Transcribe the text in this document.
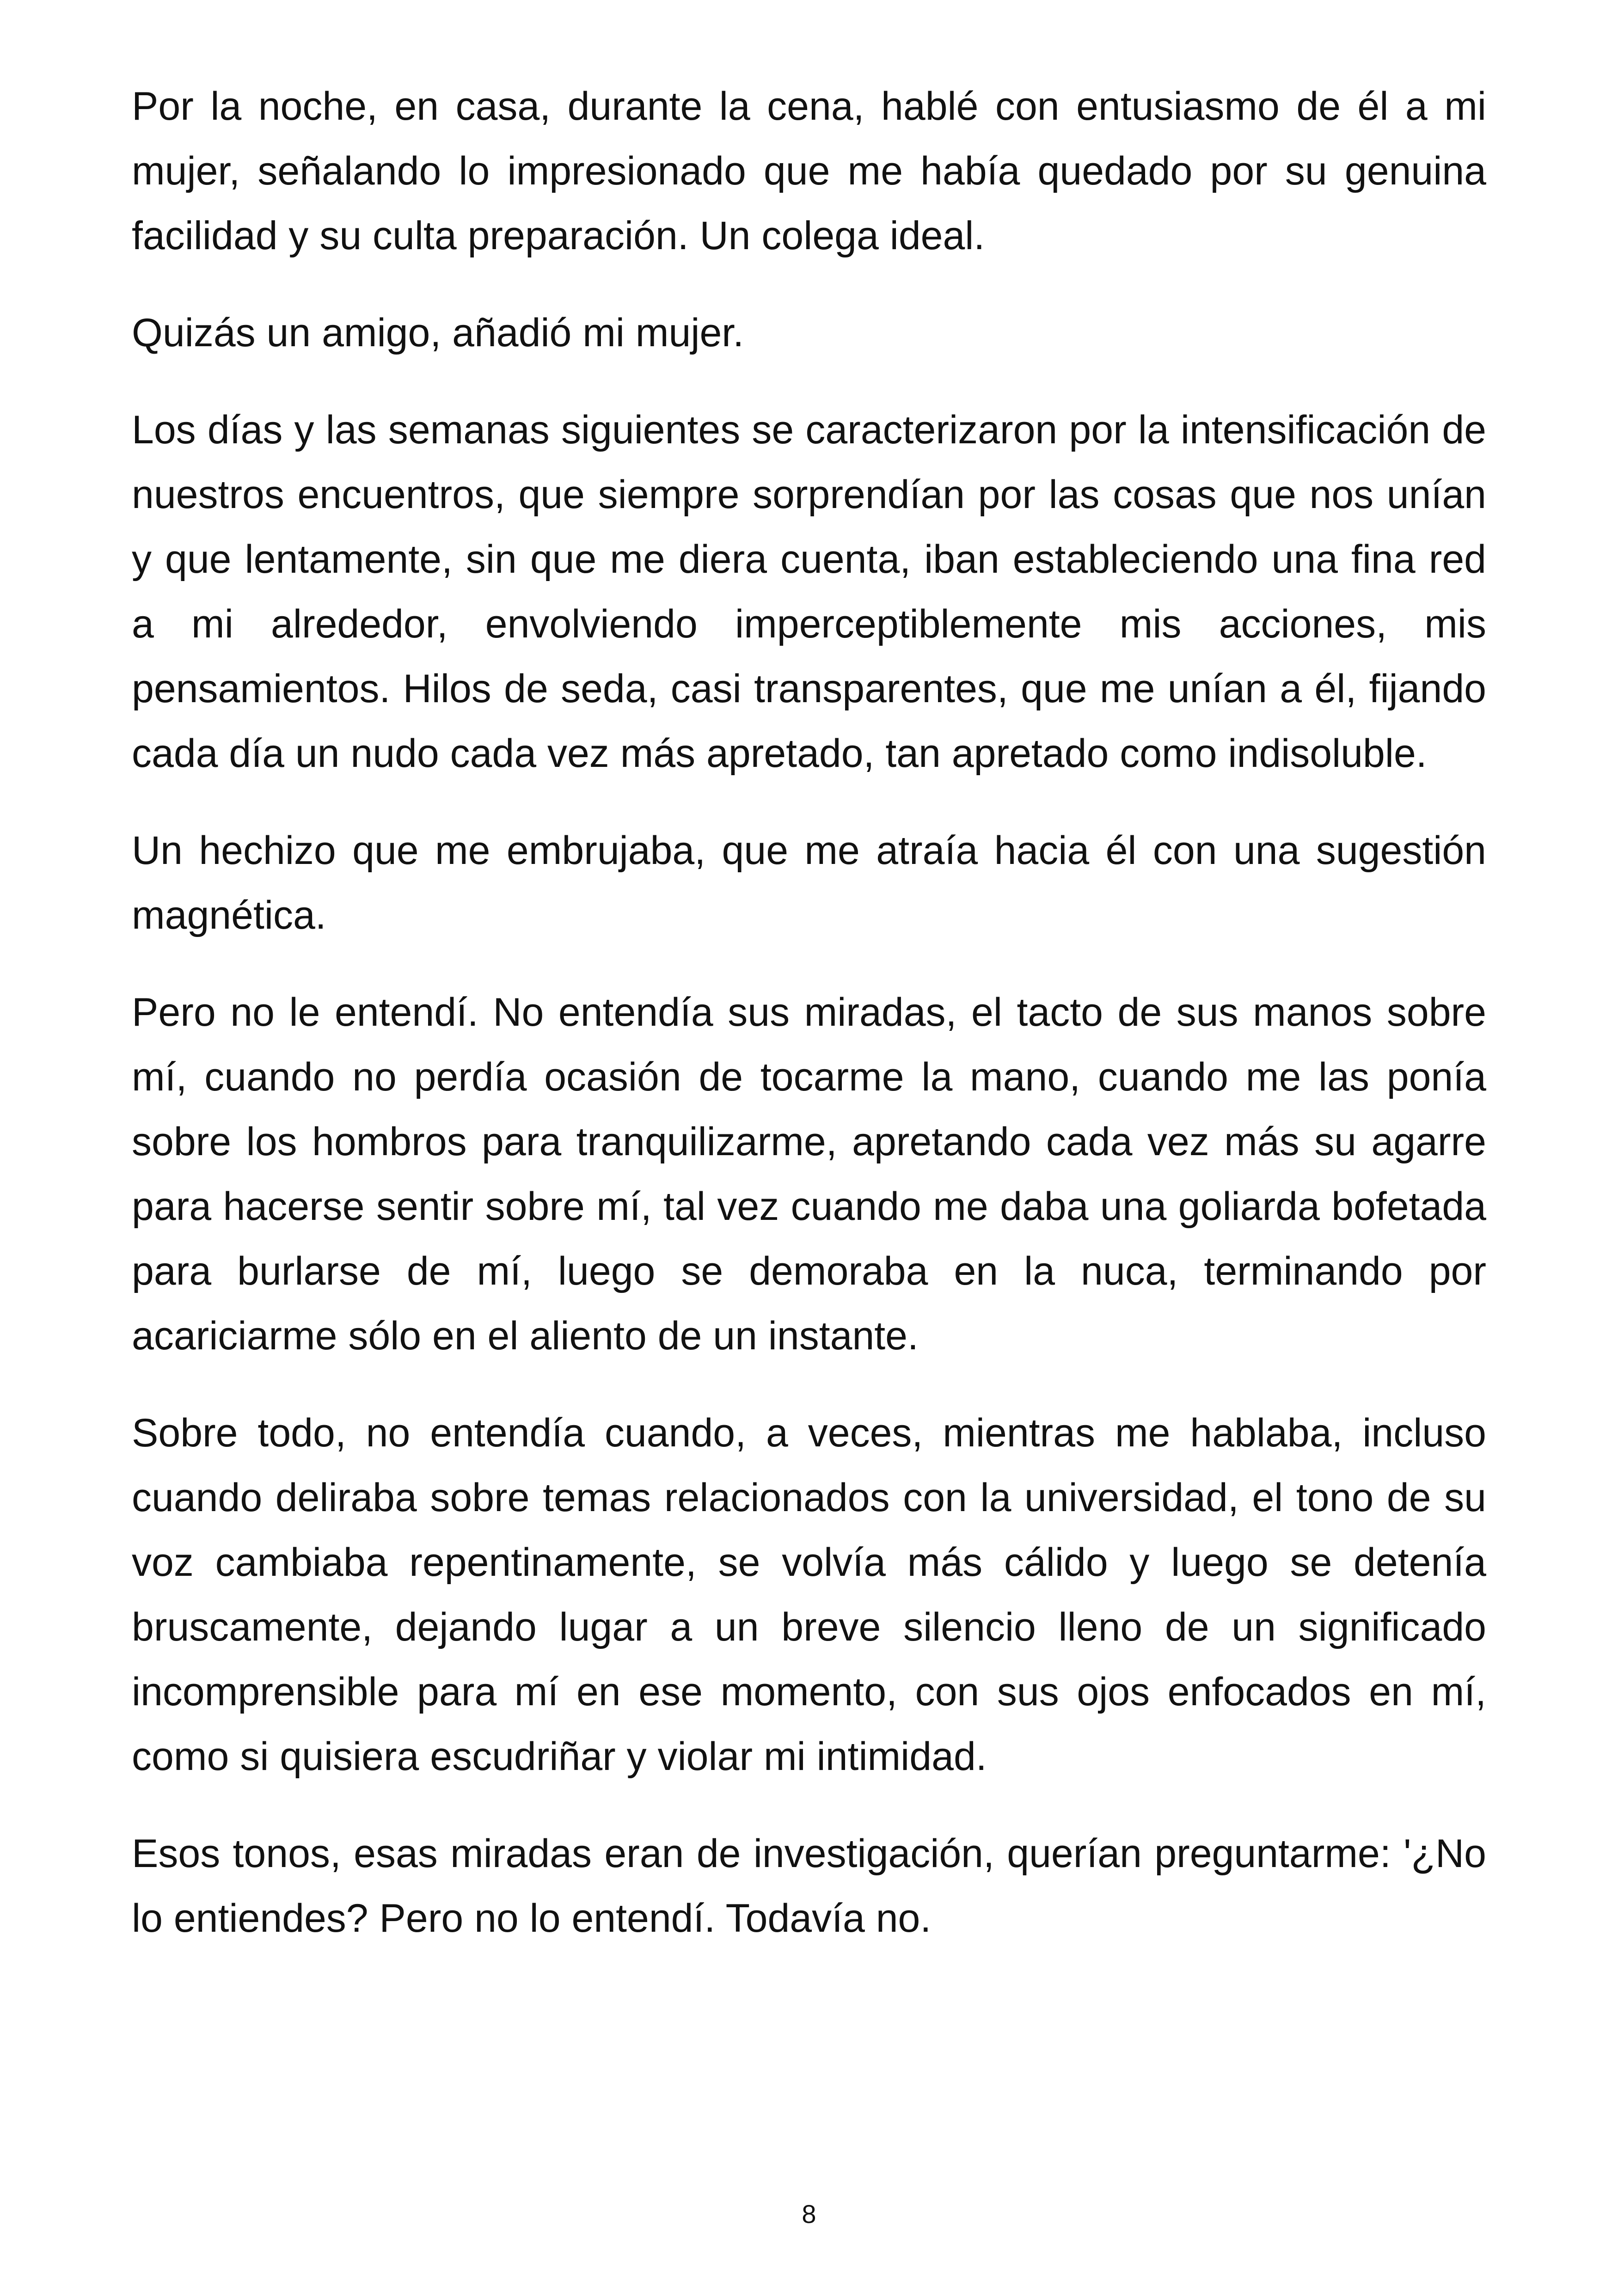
Por la noche, en casa, durante la cena, hablé con entusiasmo de él a mi mujer, señalando lo impresionado que me había quedado por su genuina facilidad y su culta preparación. Un colega ideal.

Quizás un amigo, añadió mi mujer.

Los días y las semanas siguientes se caracterizaron por la intensificación de nuestros encuentros, que siempre sorprendían por las cosas que nos unían y que lentamente, sin que me diera cuenta, iban estableciendo una fina red a mi alrededor, envolviendo imperceptiblemente mis acciones, mis pensamientos. Hilos de seda, casi transparentes, que me unían a él, fijando cada día un nudo cada vez más apretado, tan apretado como indisoluble.

Un hechizo que me embrujaba, que me atraía hacia él con una sugestión magnética.

Pero no le entendí. No entendía sus miradas, el tacto de sus manos sobre mí, cuando no perdía ocasión de tocarme la mano, cuando me las ponía sobre los hombros para tranquilizarme, apretando cada vez más su agarre para hacerse sentir sobre mí, tal vez cuando me daba una goliarda bofetada para burlarse de mí, luego se demoraba en la nuca, terminando por acariciarme sólo en el aliento de un instante.

Sobre todo, no entendía cuando, a veces, mientras me hablaba, incluso cuando deliraba sobre temas relacionados con la universidad, el tono de su voz cambiaba repentinamente, se volvía más cálido y luego se detenía bruscamente, dejando lugar a un breve silencio lleno de un significado incomprensible para mí en ese momento, con sus ojos enfocados en mí, como si quisiera escudriñar y violar mi intimidad.

Esos tonos, esas miradas eran de investigación, querían preguntarme: '¿No lo entiendes? Pero no lo entendí. Todavía no.

8
